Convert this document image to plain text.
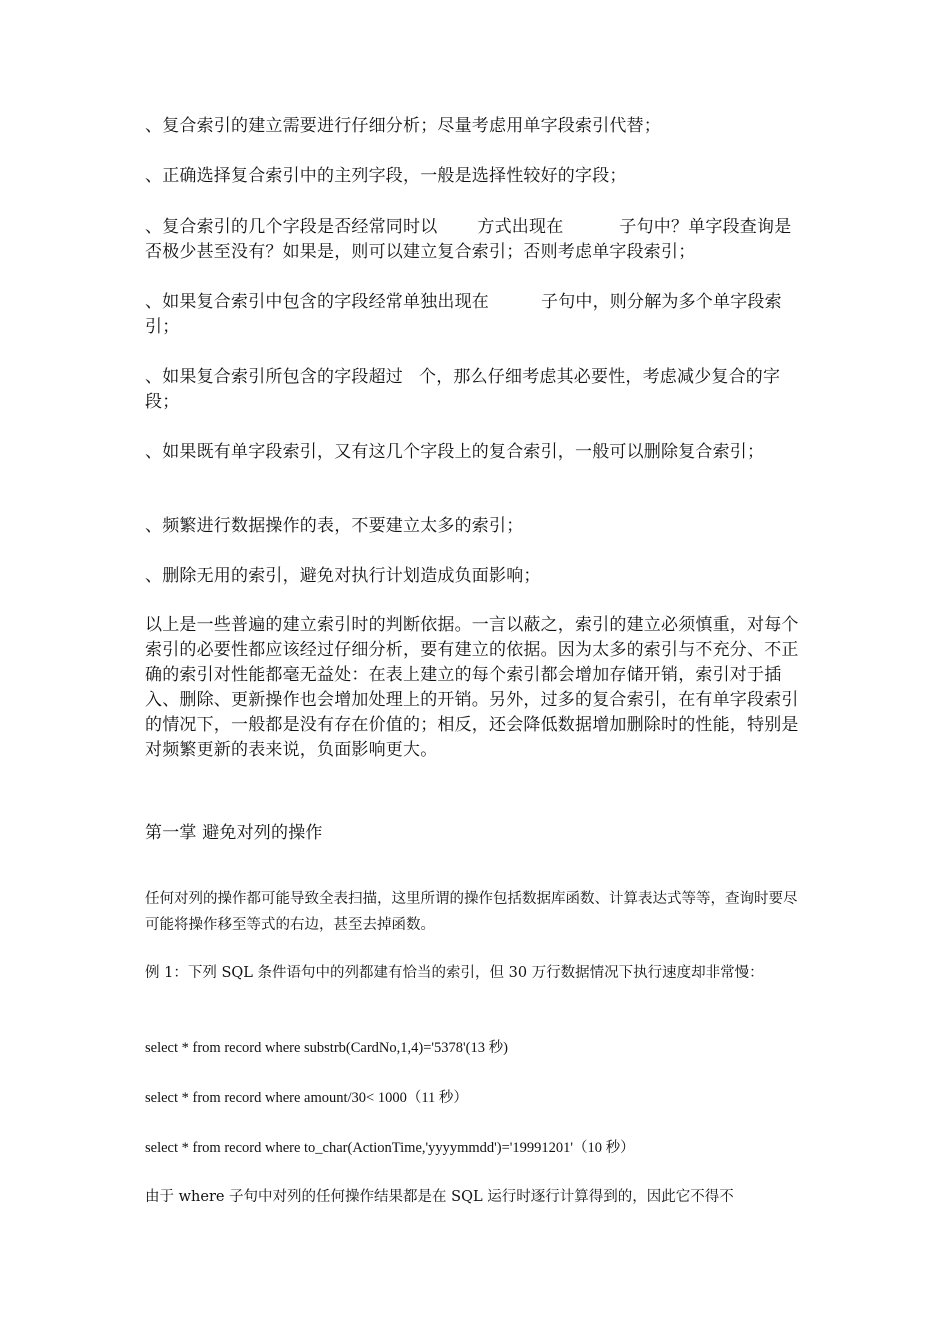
、复合索引的建立需要进行仔细分析；尽量考虑用单字段索引代替；

、正确选择复合索引中的主列字段，一般是选择性较好的字段；

、复合索引的几个字段是否经常同时以 方式出现在	子句中？单字段查询是否极少甚至没有？如果是，则可以建立复合索引；否则考虑单字段索引；

、如果复合索引中包含的字段经常单独出现在	子句中，则分解为多个单字段索引；

、如果复合索引所包含的字段超过 个，那么仔细考虑其必要性，考虑减少复合的字段；

、如果既有单字段索引，又有这几个字段上的复合索引，一般可以删除复合索引；

、频繁进行数据操作的表，不要建立太多的索引；

、删除无用的索引，避免对执行计划造成负面影响；

以上是一些普遍的建立索引时的判断依据。一言以蔽之，索引的建立必须慎重，对每个索引的必要性都应该经过仔细分析，要有建立的依据。因为太多的索引与不充分、不正确的索引对性能都毫无益处：在表上建立的每个索引都会增加存储开销，索引对于插入、删除、更新操作也会增加处理上的开销。另外，过多的复合索引，在有单字段索引的情况下，一般都是没有存在价值的；相反，还会降低数据增加删除时的性能，特别是对频繁更新的表来说，负面影响更大。

第一掌 避免对列的操作

任何对列的操作都可能导致全表扫描，这里所谓的操作包括数据库函数、计算表达式等等，查询时要尽可能将操作移至等式的右边，甚至去掉函数。

例 1：下列 SQL 条件语句中的列都建有恰当的索引，但 30 万行数据情况下执行速度却非常慢：

select * from record where substrb(CardNo,1,4)='5378'(13 秒)

select * from record where amount/30< 1000（11 秒）

select * from record where to_char(ActionTime,'yyyymmdd')='19991201'（10 秒）

由于 where 子句中对列的任何操作结果都是在 SQL 运行时逐行计算得到的，因此它不得不
